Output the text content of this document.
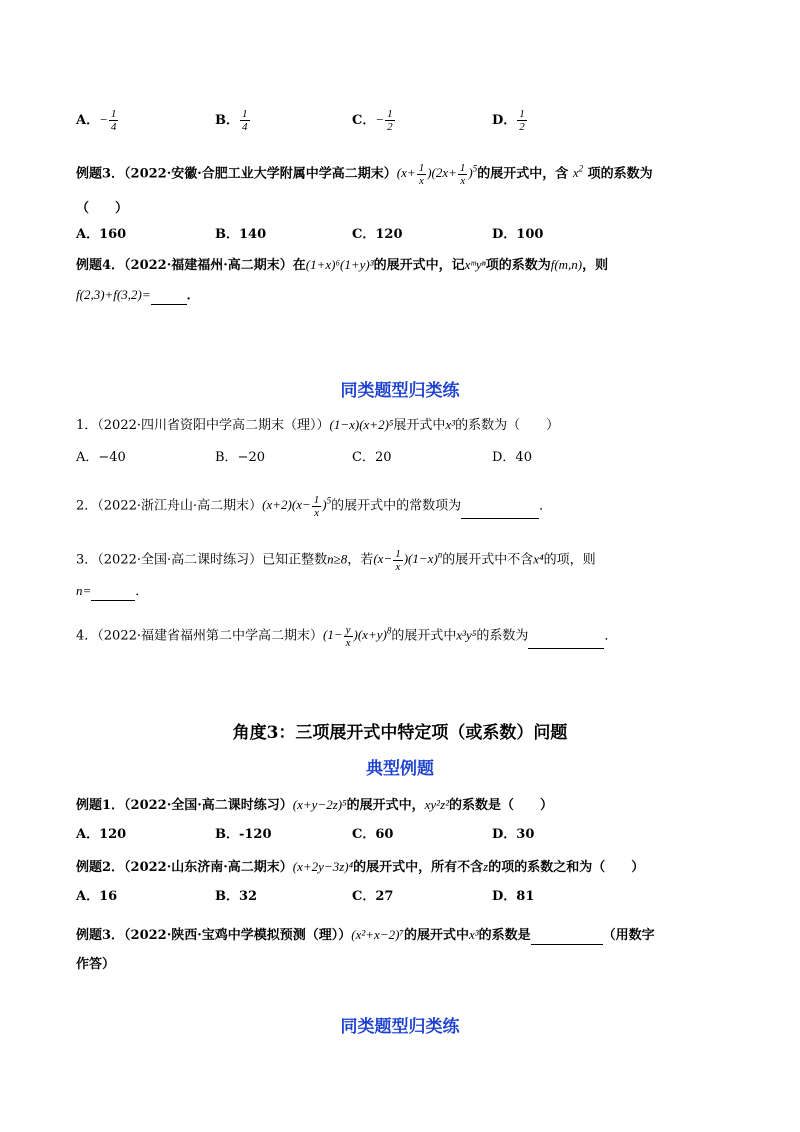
A．− $\frac{1}{4}$	B． $\frac{1}{4}$	C．− $\frac{1}{2}$	D． $\frac{1}{2}$
例题3．（2022·安徽·合肥工业大学附属中学高二期末）$(x+ \frac{1}{x} )(2x+ \frac{1}{x} )^5$的展开式中，含 $x^2$ 项的系数为
（　　）
A．160	B．140	C．120	D．100
例题4．（2022·福建福州·高二期末）在(1+x)⁶(1+y)³的展开式中，记xᵐyⁿ项的系数为f(m,n)，则
f(2,3)+f(3,2)=	．
同类题型归类练
1．（2022·四川省资阳中学高二期末（理））(1−x)(x+2)⁵展开式中x³的系数为（　　）
A．−40	B．−20	C．20	D．40
2．（2022·浙江舟山·高二期末）$(x+2)(x- \frac{1}{x} )^5$的展开式中的常数项为	．
3．（2022·全国·高二课时练习）已知正整数n≥8，若$(x- \frac{1}{x} )(1-x)^n$的展开式中不含x⁴的项，则
n=	．
4．（2022·福建省福州第二中学高二期末）$(1- \frac{y}{x} )(x+y)^8$的展开式中x³y⁵的系数为	．
角度3：三项展开式中特定项（或系数）问题
典型例题
例题1．（2022·全国·高二课时练习）(x+y−2z)⁵的展开式中，xy²z²的系数是（　　）
A．120	B．-120	C．60	D．30
例题2．（2022·山东济南·高二期末）(x+2y−3z)⁴的展开式中，所有不含z的项的系数之和为（　　）
A．16	B．32	C．27	D．81
例题3．（2022·陕西·宝鸡中学模拟预测（理））(x²+x−2)⁷的展开式中x³的系数是	（用数字
作答）
同类题型归类练
